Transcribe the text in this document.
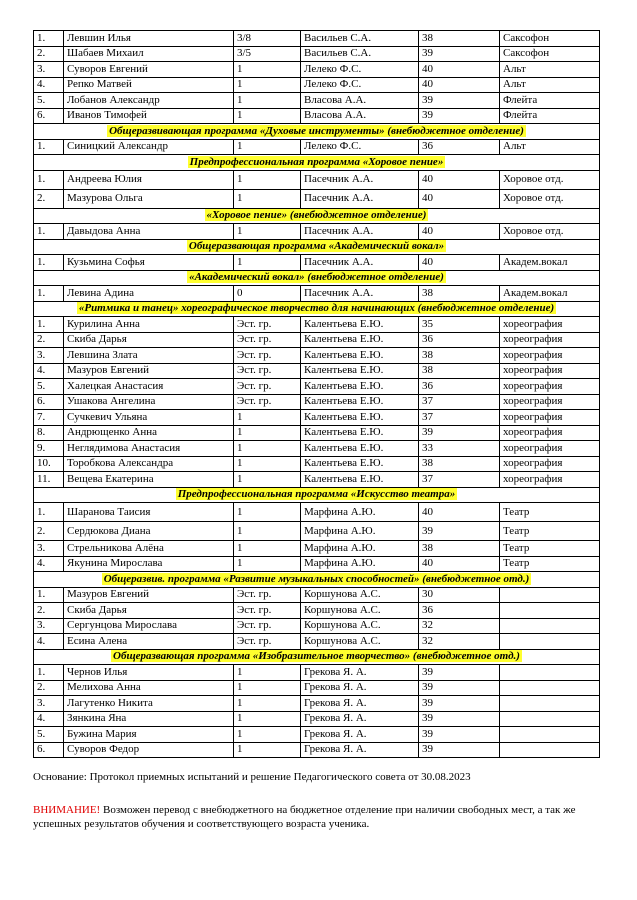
1.	Левшин Илья	3/8	Васильев С.А.	38	Саксофон
2.	Шабаев Михаил	3/5	Васильев С.А.	39	Саксофон
3.	Суворов Евгений	1	Лелеко Ф.С.	40	Альт
4.	Репко Матвей	1	Лелеко Ф.С.	40	Альт
5.	Лобанов Александр	1	Власова А.А.	39	Флейта
6.	Иванов Тимофей	1	Власова А.А.	39	Флейта
Общеразвивающая программа «Духовые инструменты» (внебюджетное отделение)					
1.	Синицкий Александр	1	Лелеко Ф.С.	36	Альт
Предпрофессиональная программа «Хоровое пение»					
1.	Андреева Юлия	1	Пасечник А.А.	40	Хоровое отд.
2.	Мазурова Ольга	1	Пасечник А.А.	40	Хоровое отд.
«Хоровое пение» (внебюджетное отделение)					
1.	Давыдова Анна	1	Пасечник А.А.	40	Хоровое отд.
Общеразвающая программа «Академический вокал»					
1.	Кузьмина Софья	1	Пасечник А.А.	40	Академ.вокал
«Академический вокал» (внебюджетное отделение)					
1.	Левина Адина	0	Пасечник А.А.	38	Академ.вокал
«Ритмика и танец» хореографическое творчество для начинающих (внебюджетное отделение)					
1.	Курилина Анна	Эст. гр.	Калентьева Е.Ю.	35	хореография
2.	Скиба Дарья	Эст. гр.	Калентьева Е.Ю.	36	хореография
3.	Левшина Злата	Эст. гр.	Калентьева Е.Ю.	38	хореография
4.	Мазуров Евгений	Эст. гр.	Калентьева Е.Ю.	38	хореография
5.	Халецкая Анастасия	Эст. гр.	Калентьева Е.Ю.	36	хореография
6.	Ушакова Ангелина	Эст. гр.	Калентьева Е.Ю.	37	хореография
7.	Сучкевич Ульяна	1	Калентьева Е.Ю.	37	хореография
8.	Андрющенко Анна	1	Калентьева Е.Ю.	39	хореография
9.	Неглядимова Анастасия	1	Калентьева Е.Ю.	33	хореография
10.	Торобкова Александра	1	Калентьева Е.Ю.	38	хореография
11.	Вещева Екатерина	1	Калентьева Е.Ю.	37	хореография
Предпрофессиональная программа «Искусство театра»					
1.	Шаранова Таисия	1	Марфина А.Ю.	40	Театр
2.	Сердюкова Диана	1	Марфина А.Ю.	39	Театр
3.	Стрельникова Алёна	1	Марфина А.Ю.	38	Театр
4.	Якунина Мирослава	1	Марфина А.Ю.	40	Театр
Общеразвив. программа «Развитие музыкальных способностей» (внебюджетное отд.)					
1.	Мазуров Евгений	Эст. гр.	Коршунова А.С.	30	
2.	Скиба Дарья	Эст. гр.	Коршунова А.С.	36	
3.	Сергунцова Мирослава	Эст. гр.	Коршунова А.С.	32	
4.	Есина Алена	Эст. гр.	Коршунова А.С.	32	
Общеразвающая программа «Изобразительное творчество» (внебюджетное отд.)					
1.	Чернов Илья	1	Грекова Я. А.	39	
2.	Мелихова Анна	1	Грекова Я. А.	39	
3.	Лагутенко Никита	1	Грекова Я. А.	39	
4.	Зянкина Яна	1	Грекова Я. А.	39	
5.	Бужина Мария	1	Грекова Я. А.	39	
6.	Суворов Федор	1	Грекова Я. А.	39	

Основание: Протокол приемных испытаний и решение Педагогического совета от 30.08.2023

ВНИМАНИЕ! Возможен перевод с внебюджетного на бюджетное отделение при наличии свободных мест, а так же успешных результатов обучения и соответствующего возраста ученика.
